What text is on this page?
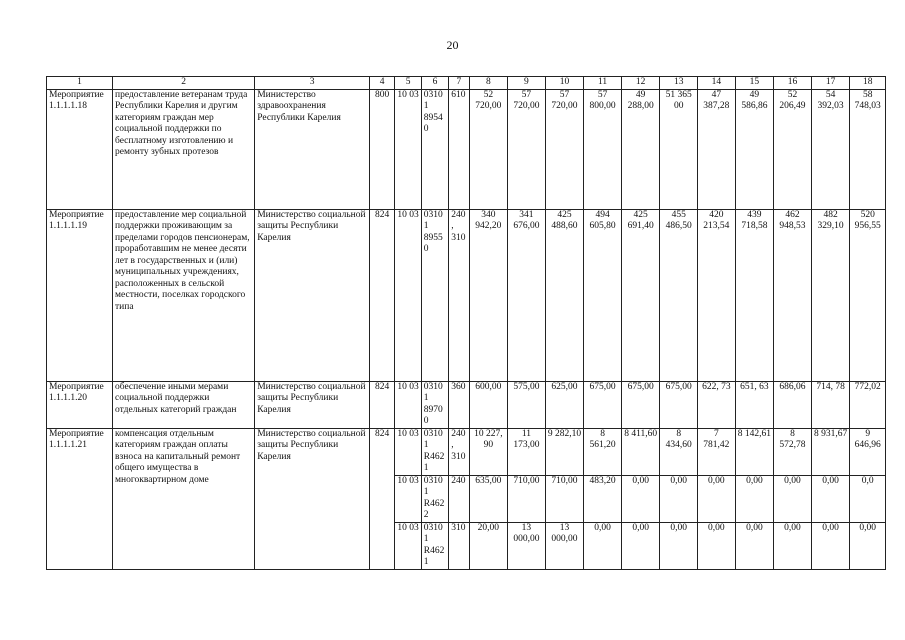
20
1	2	3	4	5	6	7	8	9	10	11	12	13	14	15	16	17	18
Мероприятие 1.1.1.1.18	предоставление ветеранам труда Республики Карелия и другим категориям граждан мер социальной поддержки по бесплатному изготовлению и ремонту зубных протезов	Министерство здравоохранения Республики Карелия	800	10 03	03101 89540	610	52 720,00	57 720,00	57 720,00	57 800,00	49 288,00	51 365 00	47 387,28	49 586,86	52 206,49	54 392,03	58 748,03
Мероприятие 1.1.1.1.19	предоставление мер социальной поддержки проживающим за пределами городов пенсионерам, проработавшим не менее десяти лет в государственных и (или) муниципальных учреждениях, расположенных в сельской местности, поселках городского типа	Министерство социальной защиты Республики Карелия	824	10 03	03101 89550	240, 310	340 942,20	341 676,00	425 488,60	494 605,80	425 691,40	455 486,50	420 213,54	439 718,58	462 948,53	482 329,10	520 956,55
Мероприятие 1.1.1.1.20	обеспечение иными мерами социальной поддержки отдельных категорий граждан	Министерство социальной защиты Республики Карелия	824	10 03	03101 89700	360	600,00	575,00	625,00	675,00	675,00	675,00	622, 73	651, 63	686,06	714, 78	772,02
Мероприятие 1.1.1.1.21	компенсация отдельным категориям граждан оплаты взноса на капитальный ремонт общего имущества в многоквартирном доме	Министерство социальной защиты Республики Карелия	824	10 03	03101 R4621	240, 310	10 227, 90	11 173,00	9 282,10	8 561,20	8 411,60	8 434,60	7 781,42	8 142,61	8 572,78	8 931,67	9 646,96
				10 03	03101 R4622	240	635,00	710,00	710,00	483,20	0,00	0,00	0,00	0,00	0,00	0,00	0,0
				10 03	03101 R4621	310	20,00	13 000,00	13 000,00	0,00	0,00	0,00	0,00	0,00	0,00	0,00	0,00
